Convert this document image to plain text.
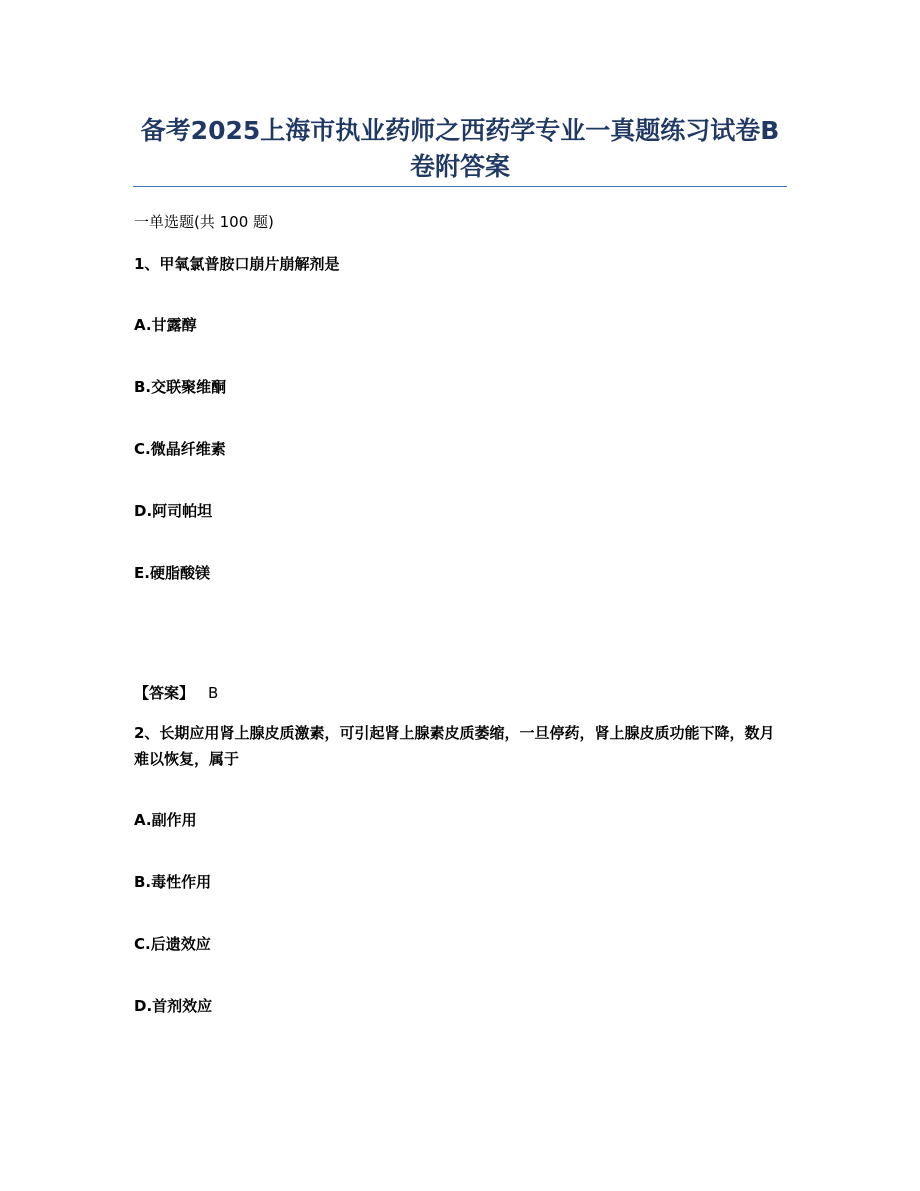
备考2025上海市执业药师之西药学专业一真题练习试卷B
卷附答案

一单选题(共 100 题)

1、甲氧氯普胺口崩片崩解剂是

A.甘露醇

B.交联聚维酮

C.微晶纤维素

D.阿司帕坦

E.硬脂酸镁

【答案】 B

2、长期应用肾上腺皮质激素，可引起肾上腺素皮质萎缩，一旦停药，肾上腺皮质功能下降，数月难以恢复，属于

A.副作用

B.毒性作用

C.后遗效应

D.首剂效应
